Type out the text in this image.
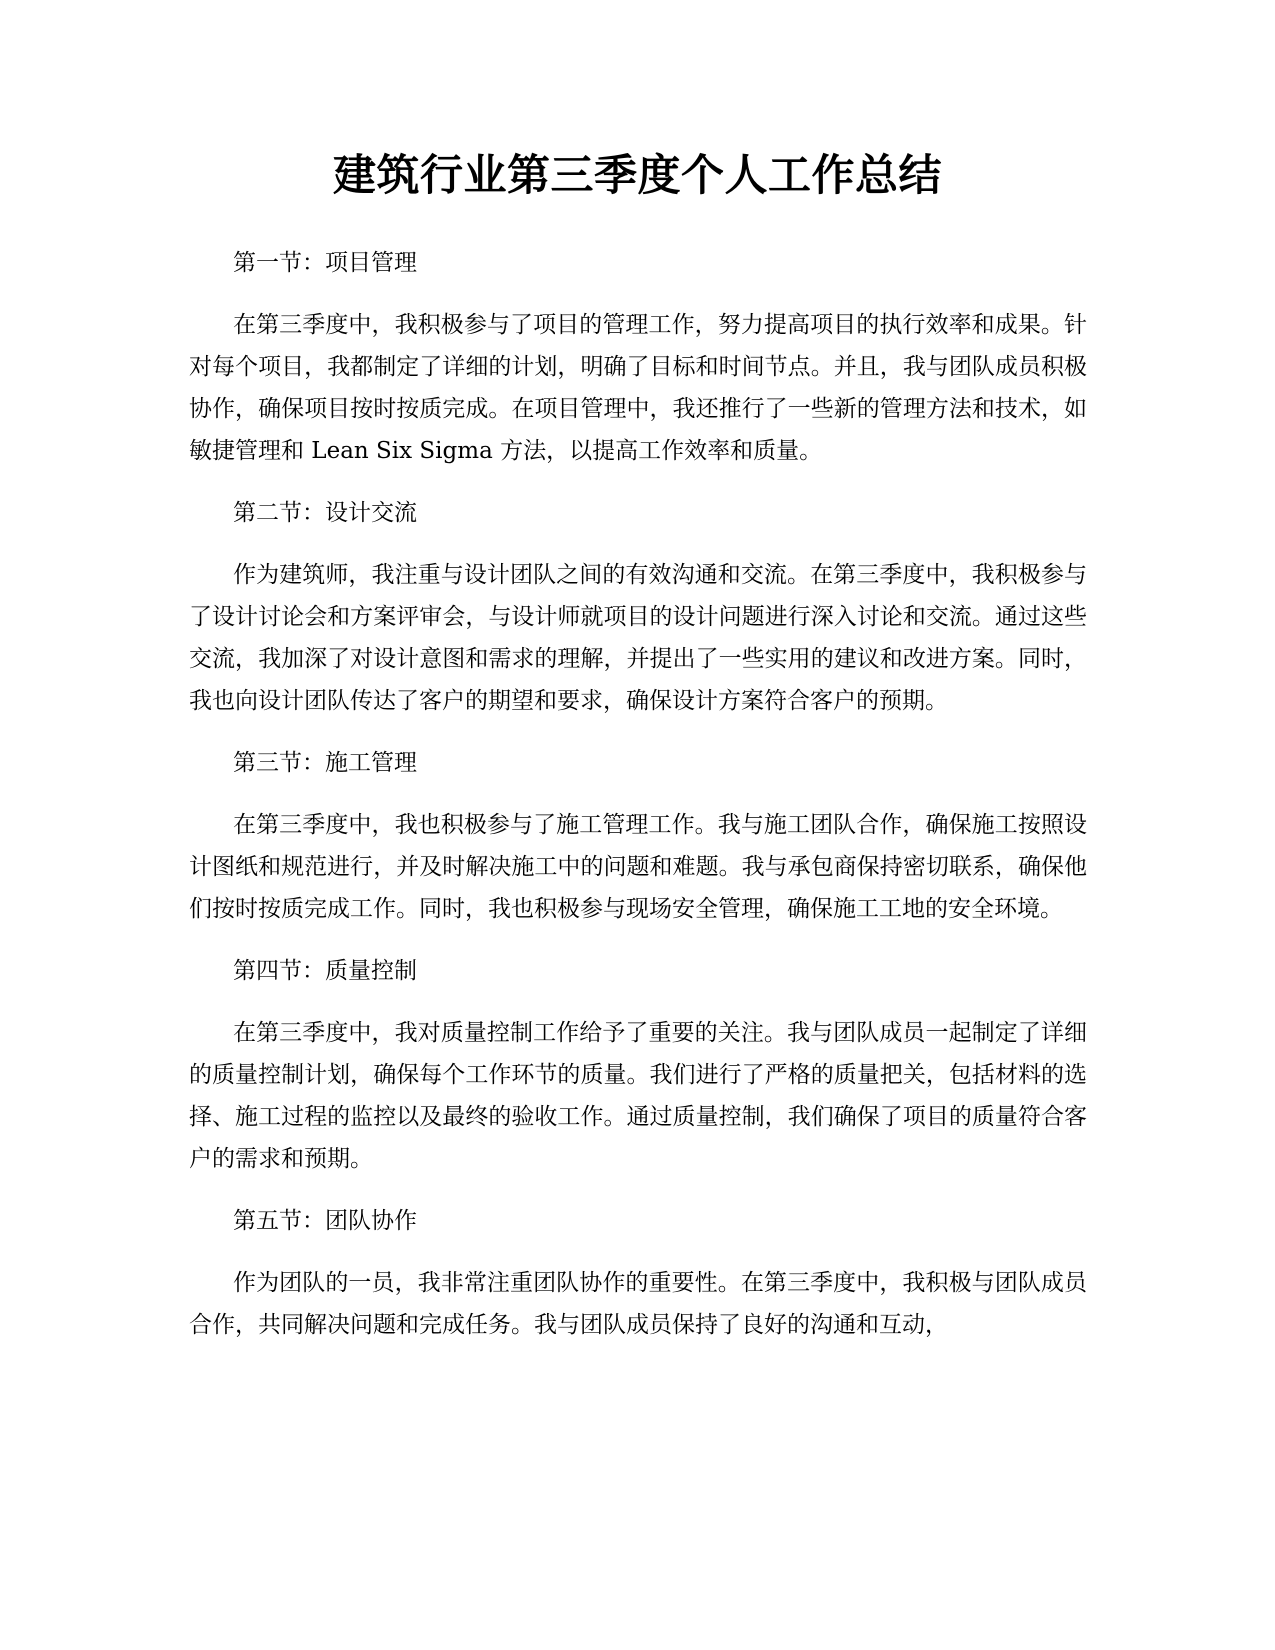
建筑行业第三季度个人工作总结
第一节：项目管理

在第三季度中，我积极参与了项目的管理工作，努力提高项目的执行效率和成果。针对每个项目，我都制定了详细的计划，明确了目标和时间节点。并且，我与团队成员积极协作，确保项目按时按质完成。在项目管理中，我还推行了一些新的管理方法和技术，如敏捷管理和 Lean Six Sigma 方法，以提高工作效率和质量。

第二节：设计交流

作为建筑师，我注重与设计团队之间的有效沟通和交流。在第三季度中，我积极参与了设计讨论会和方案评审会，与设计师就项目的设计问题进行深入讨论和交流。通过这些交流，我加深了对设计意图和需求的理解，并提出了一些实用的建议和改进方案。同时，我也向设计团队传达了客户的期望和要求，确保设计方案符合客户的预期。

第三节：施工管理

在第三季度中，我也积极参与了施工管理工作。我与施工团队合作，确保施工按照设计图纸和规范进行，并及时解决施工中的问题和难题。我与承包商保持密切联系，确保他们按时按质完成工作。同时，我也积极参与现场安全管理，确保施工工地的安全环境。

第四节：质量控制

在第三季度中，我对质量控制工作给予了重要的关注。我与团队成员一起制定了详细的质量控制计划，确保每个工作环节的质量。我们进行了严格的质量把关，包括材料的选择、施工过程的监控以及最终的验收工作。通过质量控制，我们确保了项目的质量符合客户的需求和预期。

第五节：团队协作

作为团队的一员，我非常注重团队协作的重要性。在第三季度中，我积极与团队成员合作，共同解决问题和完成任务。我与团队成员保持了良好的沟通和互动，
